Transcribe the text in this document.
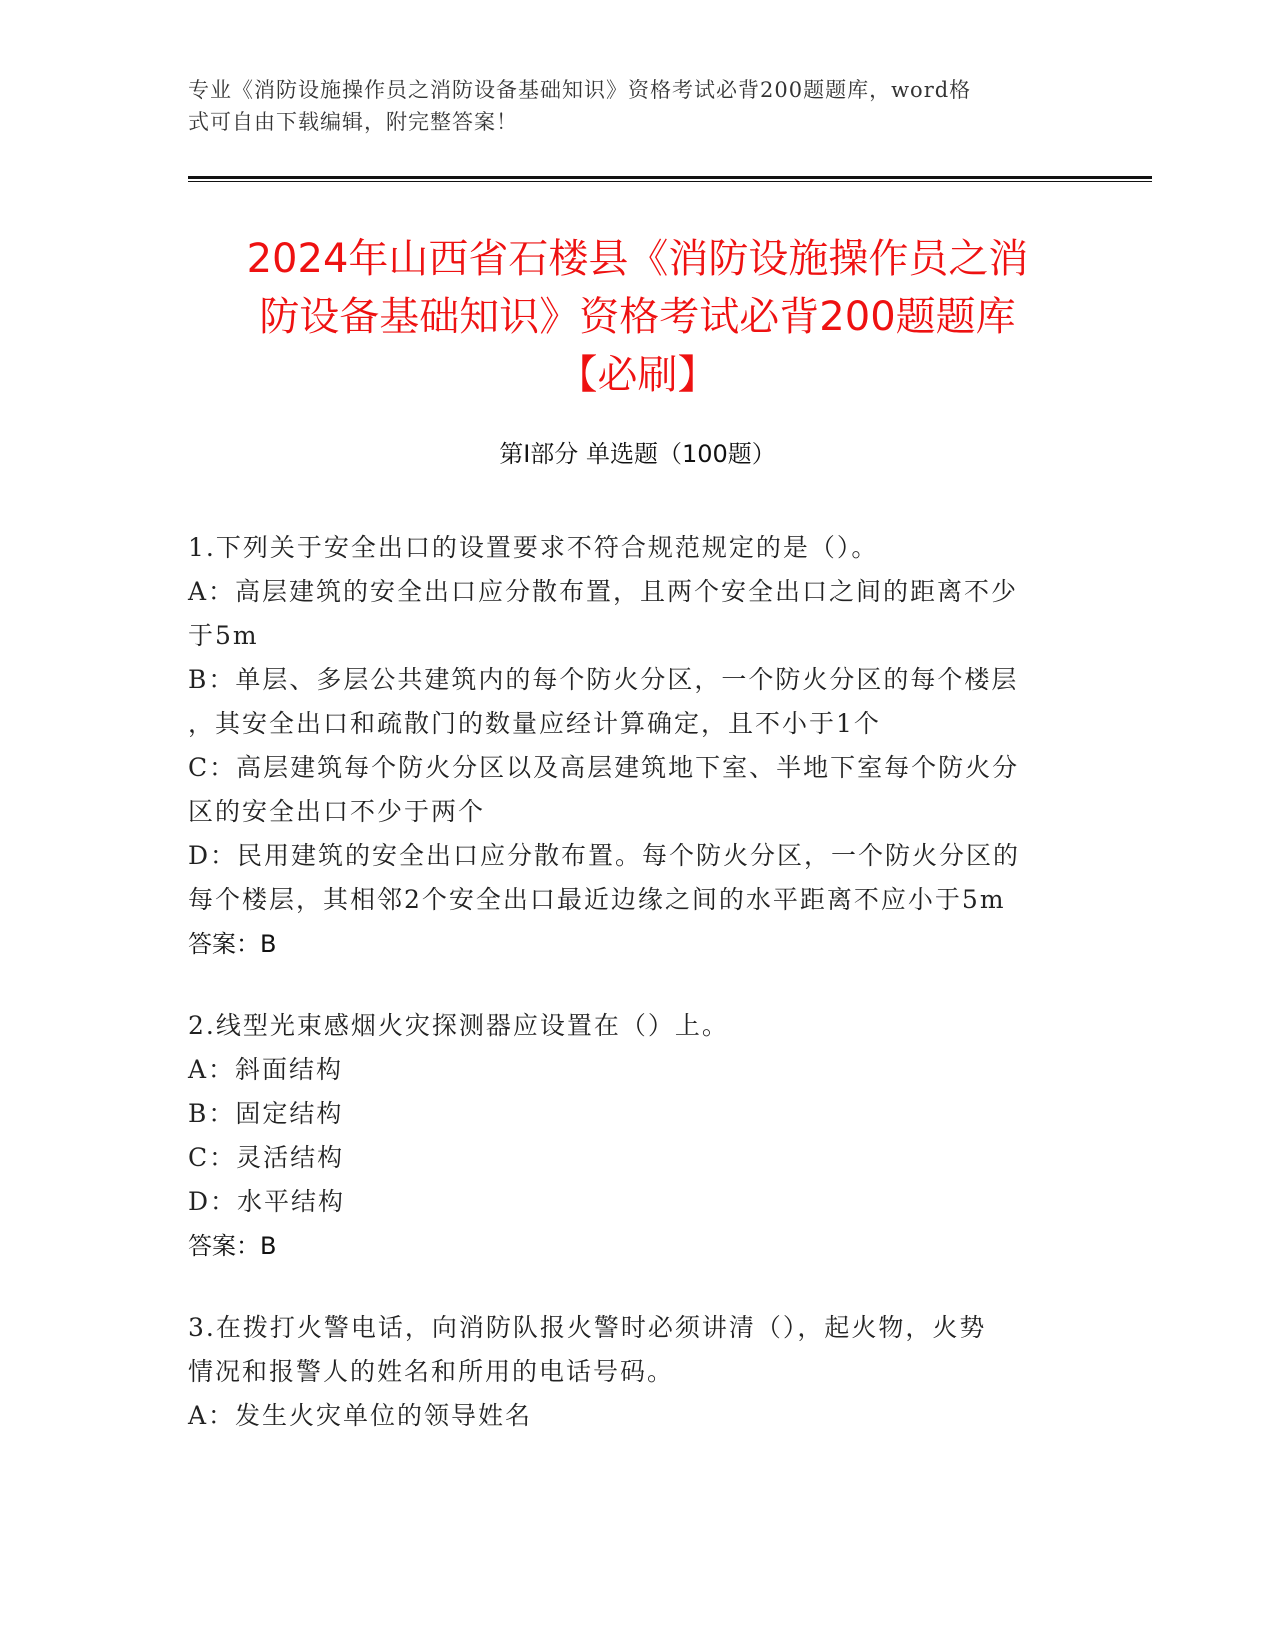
专业《消防设施操作员之消防设备基础知识》资格考试必背200题题库，word格
式可自由下载编辑，附完整答案！
2024年山西省石楼县《消防设施操作员之消
防设备基础知识》资格考试必背200题题库
【必刷】
第Ⅰ部分 单选题（100题）
1.下列关于安全出口的设置要求不符合规范规定的是（）。
A：高层建筑的安全出口应分散布置，且两个安全出口之间的距离不少
于5m
B：单层、多层公共建筑内的每个防火分区，一个防火分区的每个楼层
，其安全出口和疏散门的数量应经计算确定，且不小于1个
C：高层建筑每个防火分区以及高层建筑地下室、半地下室每个防火分
区的安全出口不少于两个
D：民用建筑的安全出口应分散布置。每个防火分区，一个防火分区的
每个楼层，其相邻2个安全出口最近边缘之间的水平距离不应小于5m
答案：B
2.线型光束感烟火灾探测器应设置在（）上。
A：斜面结构
B：固定结构
C：灵活结构
D：水平结构
答案：B
3.在拨打火警电话，向消防队报火警时必须讲清（），起火物，火势
情况和报警人的姓名和所用的电话号码。
A：发生火灾单位的领导姓名
